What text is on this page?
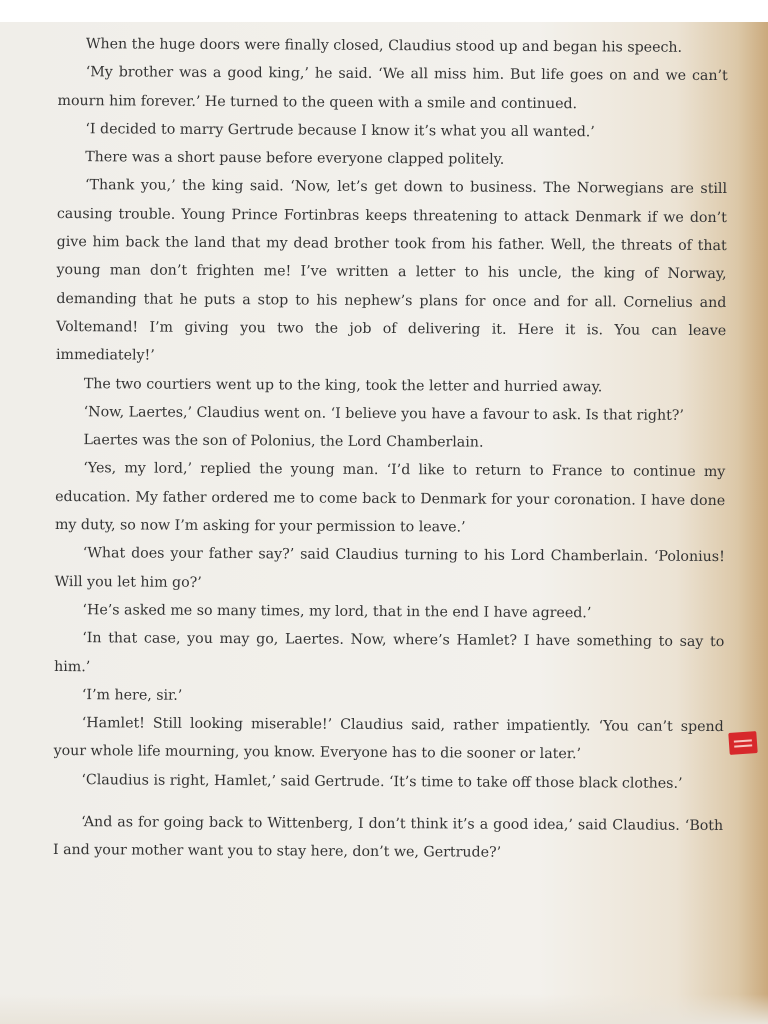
When the huge doors were finally closed, Claudius stood up and began his speech.

‘My brother was a good king,’ he said. ‘We all miss him. But life goes on and we can’t mourn him forever.’ He turned to the queen with a smile and continued.

‘I decided to marry Gertrude because I know it’s what you all wanted.’

There was a short pause before everyone clapped politely.

‘Thank you,’ the king said. ‘Now, let’s get down to business. The Norwegians are still causing trouble. Young Prince Fortinbras keeps threatening to attack Denmark if we don’t give him back the land that my dead brother took from his father. Well, the threats of that young man don’t frighten me! I’ve written a letter to his uncle, the king of Norway, demanding that he puts a stop to his nephew’s plans for once and for all. Cornelius and Voltemand! I’m giving you two the job of delivering it. Here it is. You can leave immediately!’

The two courtiers went up to the king, took the letter and hurried away.

‘Now, Laertes,’ Claudius went on. ‘I believe you have a favour to ask. Is that right?’

Laertes was the son of Polonius, the Lord Chamberlain.

‘Yes, my lord,’ replied the young man. ‘I’d like to return to France to continue my education. My father ordered me to come back to Denmark for your coronation. I have done my duty, so now I’m asking for your permission to leave.’

‘What does your father say?’ said Claudius turning to his Lord Chamberlain. ‘Polonius! Will you let him go?’

‘He’s asked me so many times, my lord, that in the end I have agreed.’

‘In that case, you may go, Laertes. Now, where’s Hamlet? I have something to say to him.’

‘I’m here, sir.’

‘Hamlet! Still looking miserable!’ Claudius said, rather impatiently. ‘You can’t spend your whole life mourning, you know. Everyone has to die sooner or later.’

‘Claudius is right, Hamlet,’ said Gertrude. ‘It’s time to take off those black clothes.’

‘And as for going back to Wittenberg, I don’t think it’s a good idea,’ said Claudius. ‘Both I and your mother want you to stay here, don’t we, Gertrude?’
